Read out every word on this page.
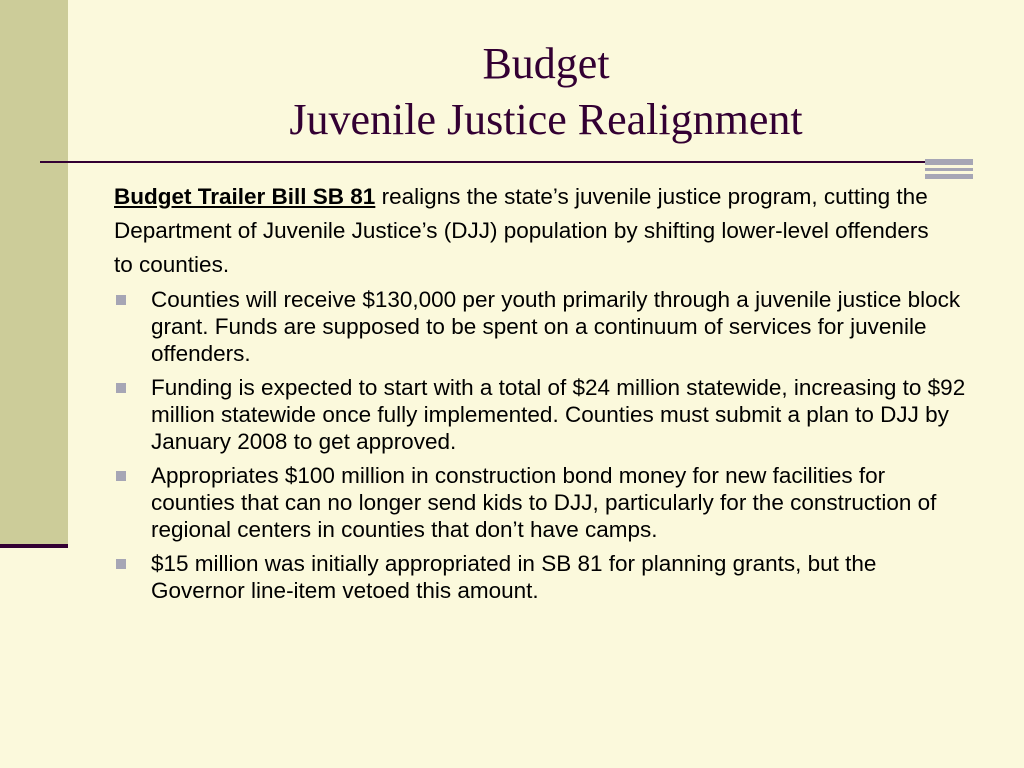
Budget
Juvenile Justice Realignment

Budget Trailer Bill SB 81 realigns the state’s juvenile justice program, cutting the Department of Juvenile Justice’s (DJJ) population by shifting lower-level offenders to counties.

Counties will receive $130,000 per youth primarily through a juvenile justice block grant. Funds are supposed to be spent on a continuum of services for juvenile offenders.
Funding is expected to start with a total of $24 million statewide, increasing to $92 million statewide once fully implemented. Counties must submit a plan to DJJ by January 2008 to get approved.
Appropriates $100 million in construction bond money for new facilities for counties that can no longer send kids to DJJ, particularly for the construction of regional centers in counties that don’t have camps.
$15 million was initially appropriated in SB 81 for planning grants, but the Governor line-item vetoed this amount.
